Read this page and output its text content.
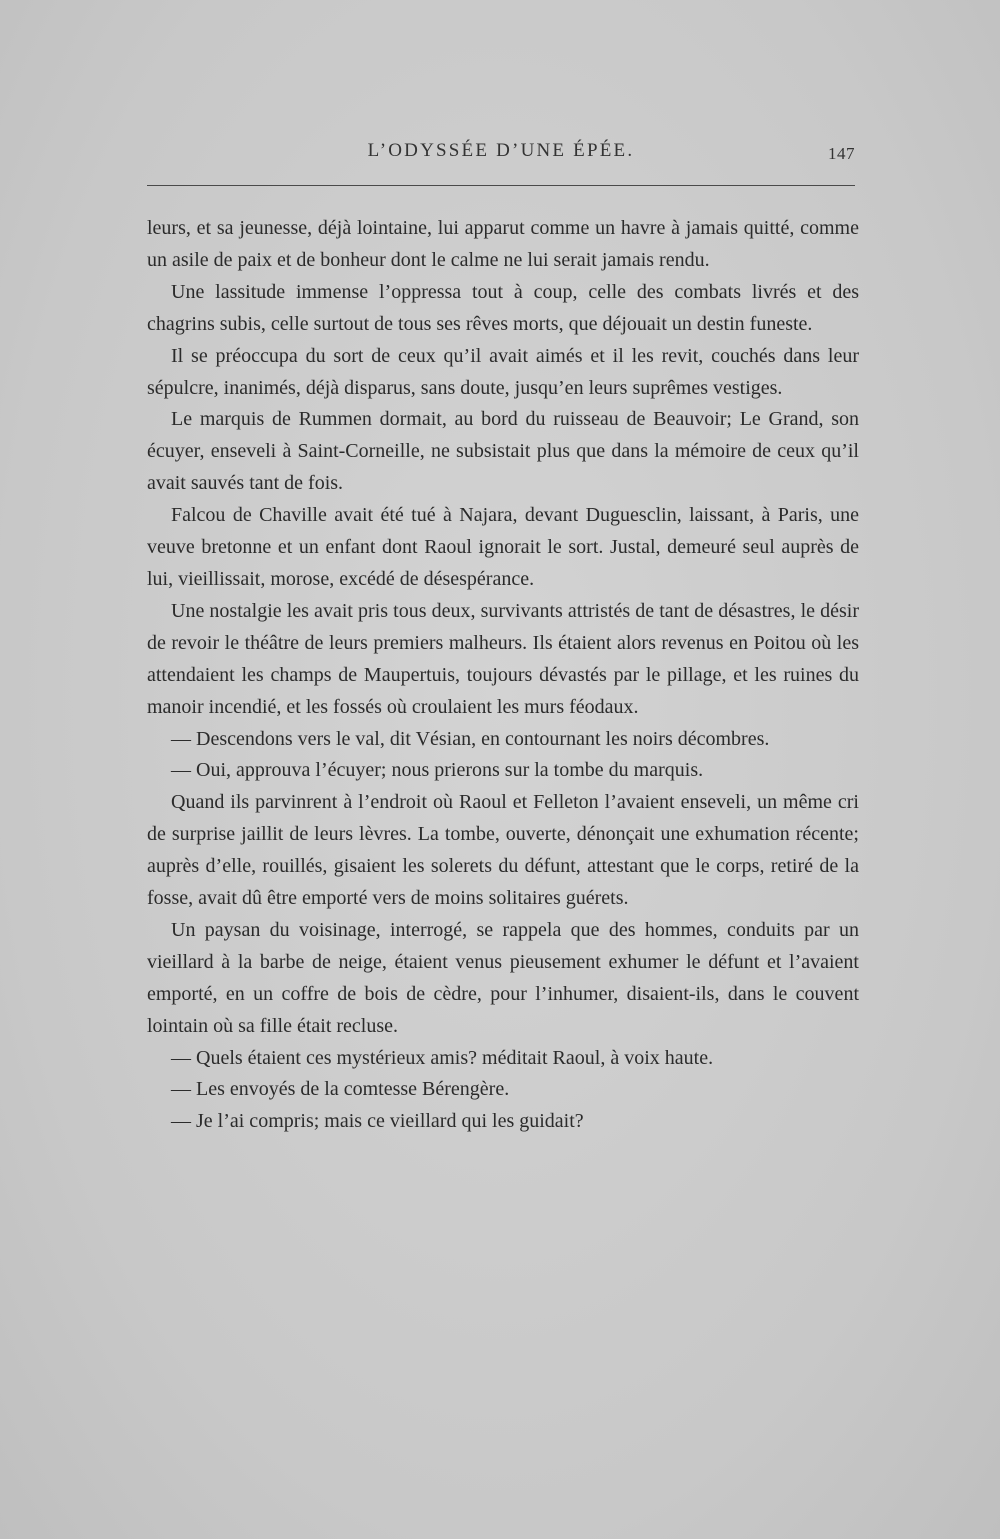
L’ODYSSÉE D’UNE ÉPÉE.	147

leurs, et sa jeunesse, déjà lointaine, lui apparut comme un havre à jamais quitté, comme un asile de paix et de bonheur dont le calme ne lui serait jamais rendu.

Une lassitude immense l’oppressa tout à coup, celle des combats livrés et des chagrins subis, celle surtout de tous ses rêves morts, que déjouait un destin funeste.

Il se préoccupa du sort de ceux qu’il avait aimés et il les revit, couchés dans leur sépulcre, inanimés, déjà disparus, sans doute, jusqu’en leurs suprêmes vestiges.

Le marquis de Rummen dormait, au bord du ruisseau de Beauvoir; Le Grand, son écuyer, enseveli à Saint-Corneille, ne subsistait plus que dans la mémoire de ceux qu’il avait sauvés tant de fois.

Falcou de Chaville avait été tué à Najara, devant Duguesclin, laissant, à Paris, une veuve bretonne et un enfant dont Raoul ignorait le sort. Justal, demeuré seul auprès de lui, vieillissait, morose, excédé de désespérance.

Une nostalgie les avait pris tous deux, survivants attristés de tant de désastres, le désir de revoir le théâtre de leurs premiers malheurs. Ils étaient alors revenus en Poitou où les attendaient les champs de Maupertuis, toujours dévastés par le pillage, et les ruines du manoir incendié, et les fossés où croulaient les murs féodaux.

— Descendons vers le val, dit Vésian, en contournant les noirs décombres.

— Oui, approuva l’écuyer; nous prierons sur la tombe du marquis.

Quand ils parvinrent à l’endroit où Raoul et Felleton l’avaient enseveli, un même cri de surprise jaillit de leurs lèvres. La tombe, ouverte, dénonçait une exhumation récente; auprès d’elle, rouillés, gisaient les solerets du défunt, attestant que le corps, retiré de la fosse, avait dû être emporté vers de moins solitaires guérets.

Un paysan du voisinage, interrogé, se rappela que des hommes, conduits par un vieillard à la barbe de neige, étaient venus pieusement exhumer le défunt et l’avaient emporté, en un coffre de bois de cèdre, pour l’inhumer, disaient-ils, dans le couvent lointain où sa fille était recluse.

— Quels étaient ces mystérieux amis? méditait Raoul, à voix haute.

— Les envoyés de la comtesse Bérengère.

— Je l’ai compris; mais ce vieillard qui les guidait?
